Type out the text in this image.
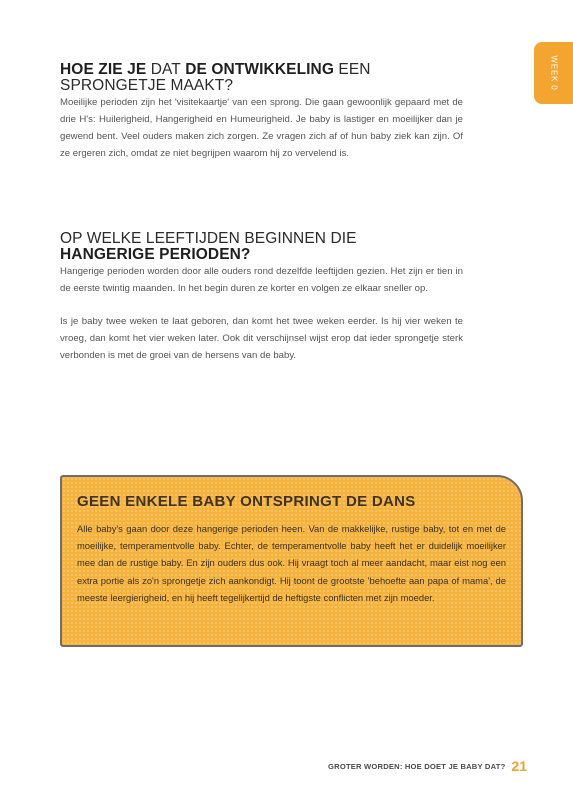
WEEK 0
HOE ZIE JE DAT DE ONTWIKKELING EEN SPRONGETJE MAAKT?

Moeilijke perioden zijn het 'visitekaartje' van een sprong. Die gaan gewoonlijk gepaard met de drie H's: Huilerigheid, Hangerigheid en Humeurigheid. Je baby is lastiger en moeilijker dan je gewend bent. Veel ouders maken zich zorgen. Ze vragen zich af of hun baby ziek kan zijn. Of ze ergeren zich, omdat ze niet begrijpen waarom hij zo vervelend is.

OP WELKE LEEFTIJDEN BEGINNEN DIE
HANGERIGE PERIODEN?

Hangerige perioden worden door alle ouders rond dezelfde leeftijden gezien. Het zijn er tien in de eerste twintig maanden. In het begin duren ze korter en volgen ze elkaar sneller op.

Is je baby twee weken te laat geboren, dan komt het twee weken eerder. Is hij vier weken te vroeg, dan komt het vier weken later. Ook dit verschijnsel wijst erop dat ieder sprongetje sterk verbonden is met de groei van de hersens van de baby.

GEEN ENKELE BABY ONTSPRINGT DE DANS

Alle baby's gaan door deze hangerige perioden heen. Van de makkelijke, rustige baby, tot en met de moeilijke, temperamentvolle baby. Echter, de temperamentvolle baby heeft het er duidelijk moeilijker mee dan de rustige baby. En zijn ouders dus ook. Hij vraagt toch al meer aandacht, maar eist nog een extra portie als zo'n sprongetje zich aankondigt. Hij toont de grootste 'behoefte aan papa of mama', de meeste leergierigheid, en hij heeft tegelijkertijd de heftigste conflicten met zijn moeder.

GROTER WORDEN: HOE DOET JE BABY DAT? 21
